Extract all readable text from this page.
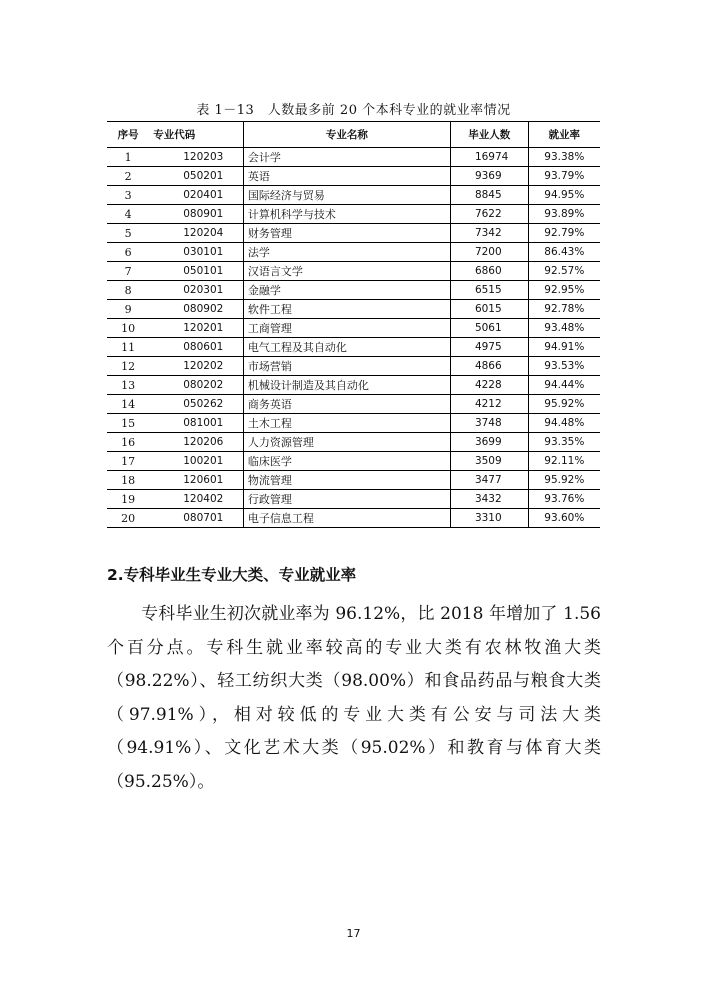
表 1－13　人数最多前 20 个本科专业的就业率情况
序号	专业代码	专业名称	毕业人数	就业率
1	120203	会计学	16974	93.38%
2	050201	英语	9369	93.79%
3	020401	国际经济与贸易	8845	94.95%
4	080901	计算机科学与技术	7622	93.89%
5	120204	财务管理	7342	92.79%
6	030101	法学	7200	86.43%
7	050101	汉语言文学	6860	92.57%
8	020301	金融学	6515	92.95%
9	080902	软件工程	6015	92.78%
10	120201	工商管理	5061	93.48%
11	080601	电气工程及其自动化	4975	94.91%
12	120202	市场营销	4866	93.53%
13	080202	机械设计制造及其自动化	4228	94.44%
14	050262	商务英语	4212	95.92%
15	081001	土木工程	3748	94.48%
16	120206	人力资源管理	3699	93.35%
17	100201	临床医学	3509	92.11%
18	120601	物流管理	3477	95.92%
19	120402	行政管理	3432	93.76%
20	080701	电子信息工程	3310	93.60%
2.专科毕业生专业大类、专业就业率

专科毕业生初次就业率为 96.12%，比 2018 年增加了 1.56 个百分点。专科生就业率较高的专业大类有农林牧渔大类（98.22%）、轻工纺织大类（98.00%）和食品药品与粮食大类（97.91%），相对较低的专业大类有公安与司法大类（94.91%）、文化艺术大类（95.02%）和教育与体育大类（95.25%）。

17
